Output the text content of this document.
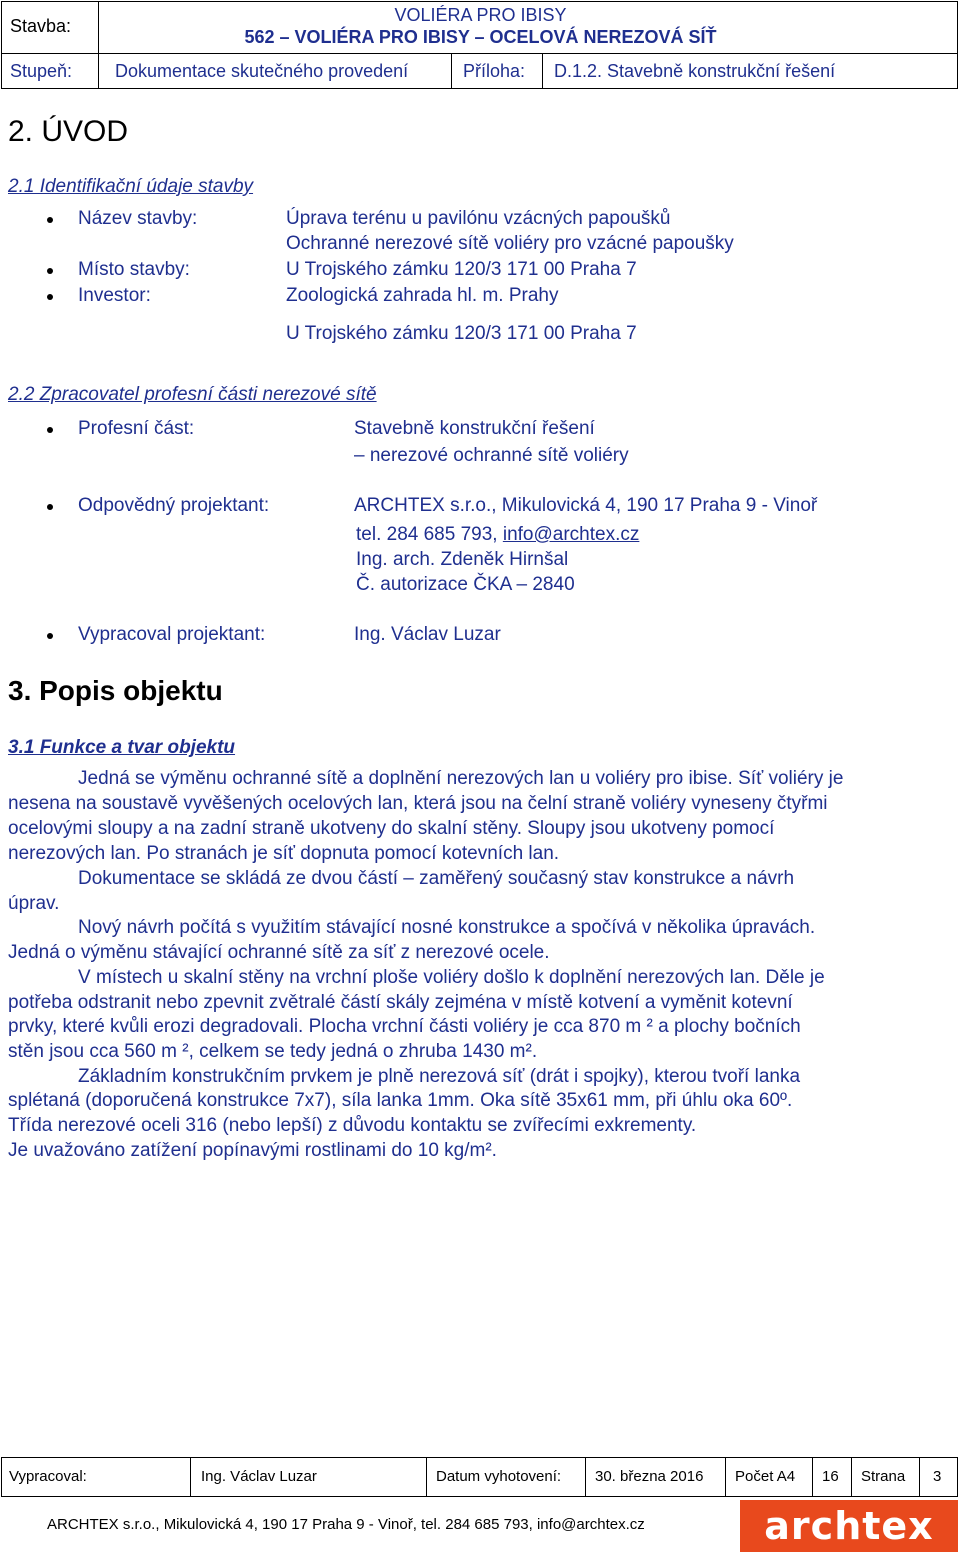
Stavba:
VOLIÉRA PRO IBISY
562 – VOLIÉRA PRO IBISY – OCELOVÁ NEREZOVÁ SÍŤ
Stupeň: Dokumentace skutečného provedení	Příloha: D.1.2. Stavebně konstrukční řešení
2. ÚVOD
2.1 Identifikační údaje stavby
Název stavby:	Úprava terénu u pavilónu vzácných papoušků
Ochranné nerezové sítě voliéry pro vzácné papoušky
Místo stavby:	U Trojského zámku 120/3 171 00 Praha 7
Investor:	Zoologická zahrada hl. m. Prahy
U Trojského zámku 120/3 171 00 Praha 7
2.2 Zpracovatel profesní části nerezové sítě
Profesní část:	Stavebně konstrukční řešení
– nerezové ochranné sítě voliéry
Odpovědný projektant:	ARCHTEX s.r.o., Mikulovická 4, 190 17 Praha 9 - Vinoř
tel. 284 685 793, info@archtex.cz
Ing. arch. Zdeněk Hirnšal
Č. autorizace ČKA – 2840
Vypracoval projektant:	Ing. Václav Luzar
3. Popis objektu
3.1 Funkce a tvar objektu
Jedná se výměnu ochranné sítě a doplnění nerezových lan u voliéry pro ibise. Síť voliéry je
nesena na soustavě vyvěšených ocelových lan, která jsou na čelní straně voliéry vyneseny čtyřmi
ocelovými sloupy a na zadní straně ukotveny do skalní stěny. Sloupy jsou ukotveny pomocí
nerezových lan. Po stranách je síť dopnuta pomocí kotevních lan.
Dokumentace se skládá ze dvou částí – zaměřený současný stav konstrukce a návrh
úprav.
Nový návrh počítá s využitím stávající nosné konstrukce a spočívá v několika úpravách.
Jedná o výměnu stávající ochranné sítě za síť z nerezové ocele.
V místech u skalní stěny na vrchní ploše voliéry došlo k doplnění nerezových lan. Děle je
potřeba odstranit nebo zpevnit zvětralé částí skály zejména v místě kotvení a vyměnit kotevní
prvky, které kvůli erozi degradovali. Plocha vrchní části voliéry je cca 870 m ² a plochy bočních
stěn jsou cca 560 m ², celkem se tedy jedná o zhruba 1430 m².
Základním konstrukčním prvkem je plně nerezová síť (drát i spojky), kterou tvoří lanka
splétaná (doporučená konstrukce 7x7), síla lanka 1mm. Oka sítě 35x61 mm, při úhlu oka 60º.
Třída nerezové oceli 316 (nebo lepší) z důvodu kontaktu se zvířecími exkrementy.
Je uvažováno zatížení popínavými rostlinami do 10 kg/m².
Vypracoval:	Ing. Václav Luzar	Datum vyhotovení: 30. března 2016 Počet A4 16 Strana 3
ARCHTEX s.r.o., Mikulovická 4, 190 17 Praha 9 - Vinoř, tel. 284 685 793, info@archtex.cz	archtex
